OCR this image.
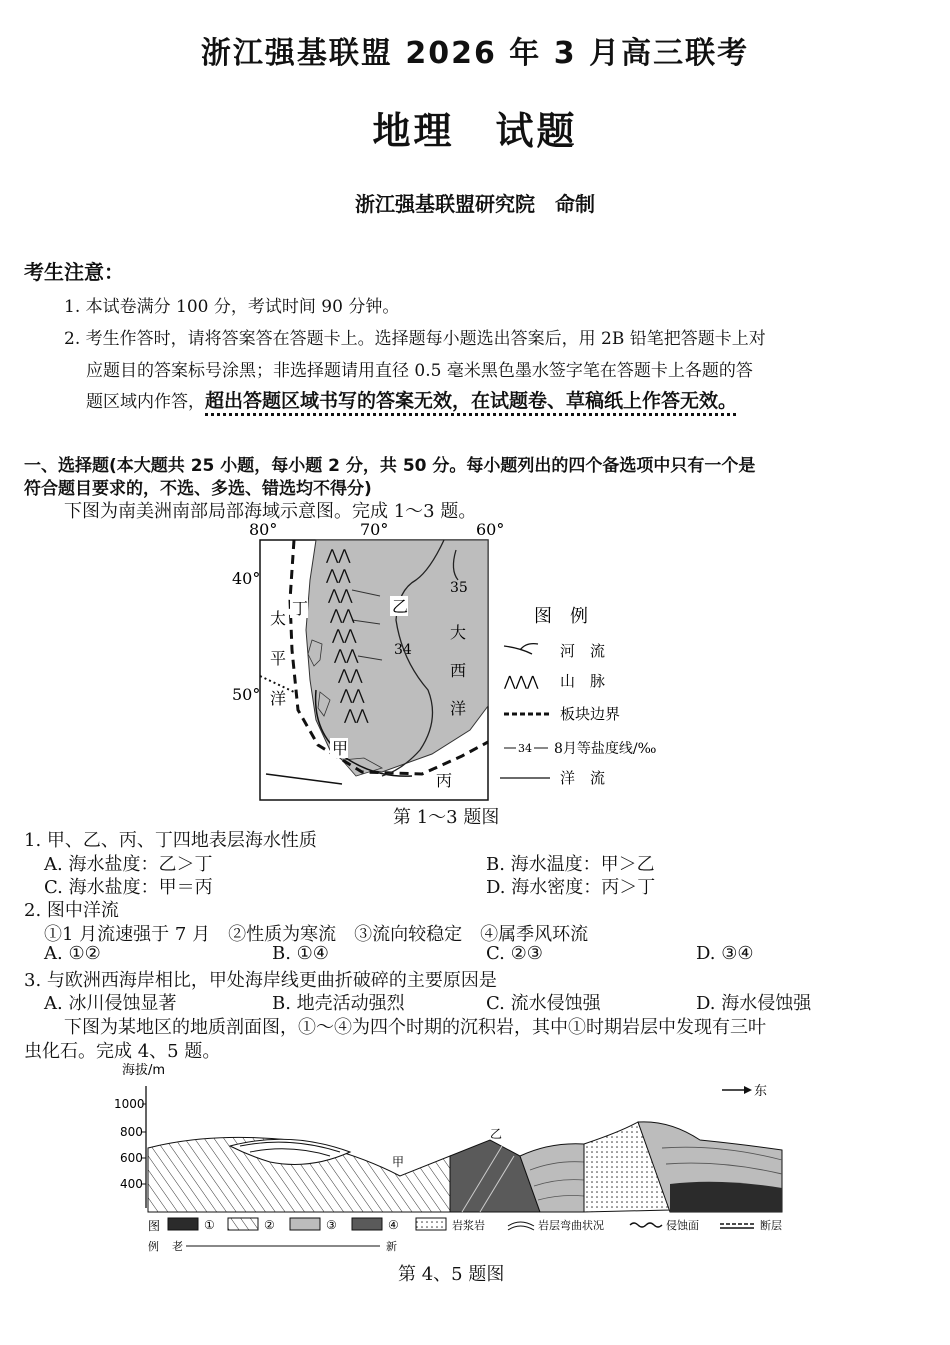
浙江强基联盟 2026 年 3 月高三联考
地理　试题
浙江强基联盟研究院　命制
考生注意：
1. 本试卷满分 100 分，考试时间 90 分钟。
2. 考生作答时，请将答案答在答题卡上。选择题每小题选出答案后，用 2B 铅笔把答题卡上对
应题目的答案标号涂黑；非选择题请用直径 0.5 毫米黑色墨水签字笔在答题卡上各题的答
题区域内作答，超出答题区域书写的答案无效，在试题卷、草稿纸上作答无效。
一、选择题(本大题共 25 小题，每小题 2 分，共 50 分。每小题列出的四个备选项中只有一个是
符合题目要求的，不选、多选、错选均不得分)
下图为南美洲南部局部海域示意图。完成 1～3 题。
80°	70°	60°
40°
50°
⋀⋀
⋀⋀
⋀⋀
⋀⋀
⋀⋀
⋀⋀
⋀⋀
⋀⋀
⋀⋀
丁	乙
甲
丙
太
平
洋
大
西
洋
35
34
图　例
河　流
⋀⋀⋀ 山　脉
板块边界
34 8月等盐度线/‰
洋　流
第 1～3 题图
1. 甲、乙、丙、丁四地表层海水性质
A. 海水盐度：乙＞丁	B. 海水温度：甲＞乙
C. 海水盐度：甲＝丙	D. 海水密度：丙＞丁
2. 图中洋流
①1 月流速强于 7 月　②性质为寒流　③流向较稳定　④属季风环流
A. ①②	B. ①④	C. ②③	D. ③④
3. 与欧洲西海岸相比，甲处海岸线更曲折破碎的主要原因是
A. 冰川侵蚀显著	B. 地壳活动强烈	C. 流水侵蚀强	D. 海水侵蚀强
下图为某地区的地质剖面图，①～④为四个时期的沉积岩，其中①时期岩层中发现有三叶
虫化石。完成 4、5 题。
海拔/m
1000
800
600
400
东
乙
甲
图
例
①	②	③	④	岩浆岩	岩层弯曲状况	侵蚀面	断层
老	新
第 4、5 题图
